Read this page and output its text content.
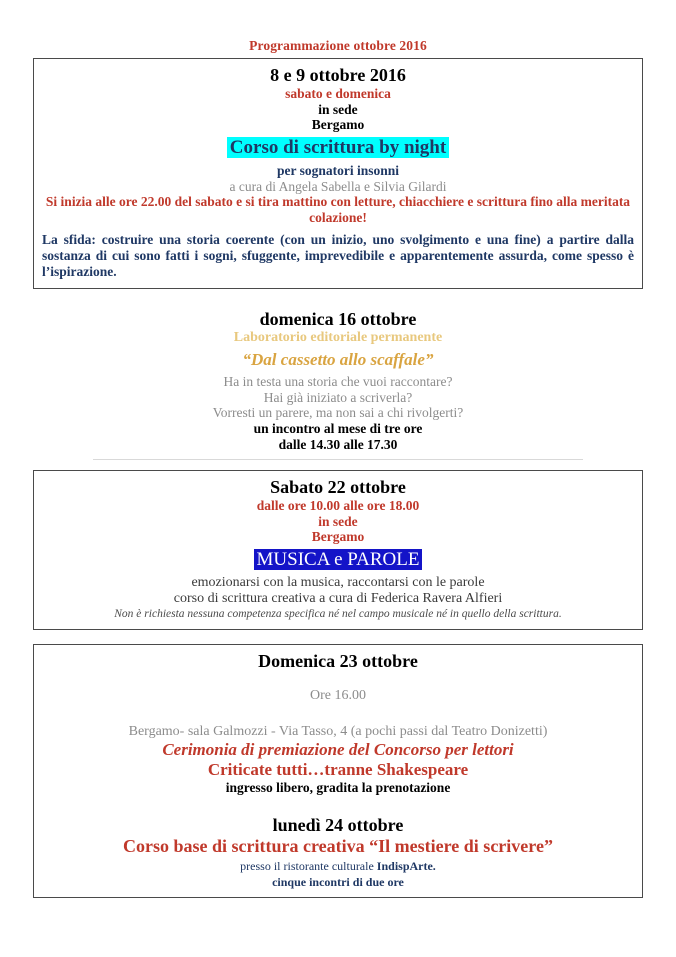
Programmazione ottobre 2016

8 e 9 ottobre 2016

sabato e domenica

in sede

Bergamo

Corso di scrittura by night

per sognatori insonni

a cura di Angela Sabella e Silvia Gilardi

Si inizia alle ore 22.00 del sabato e si tira mattino con letture, chiacchiere e scrittura fino alla meritata colazione!

La sfida: costruire una storia coerente (con un inizio, uno svolgimento e una fine) a partire dalla sostanza di cui sono fatti i sogni, sfuggente, imprevedibile e apparentemente assurda, come spesso è l’ispirazione.

domenica 16 ottobre

Laboratorio editoriale permanente

“Dal cassetto allo scaffale”

Ha in testa una storia che vuoi raccontare?

Hai già iniziato a scriverla?

Vorresti un parere, ma non sai a chi rivolgerti?

un incontro al mese di tre ore

dalle 14.30 alle 17.30

Sabato 22 ottobre

dalle ore 10.00 alle ore 18.00

in sede

Bergamo

MUSICA e PAROLE

emozionarsi con la musica, raccontarsi con le parole

corso di scrittura creativa a cura di Federica Ravera Alfieri

Non è richiesta nessuna competenza specifica né nel campo musicale né in quello della scrittura.

Domenica 23 ottobre

Ore 16.00

Bergamo- sala Galmozzi - Via Tasso, 4 (a pochi passi dal Teatro Donizetti)

Cerimonia di premiazione del Concorso per lettori

Criticate tutti…tranne Shakespeare

ingresso libero, gradita la prenotazione

lunedì 24 ottobre

Corso base di scrittura creativa “Il mestiere di scrivere”

presso il ristorante culturale IndispArte.

cinque incontri di due ore
